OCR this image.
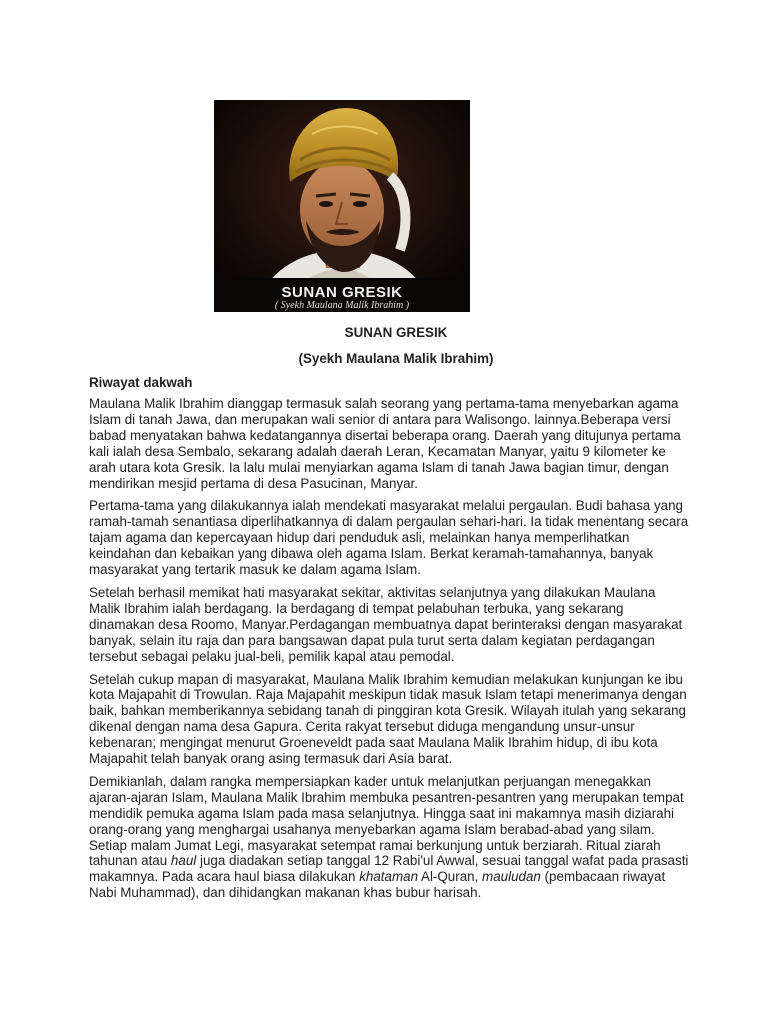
SUNAN GRESIK
( Syekh Maulana Malik Ibrahim )

SUNAN GRESIK

(Syekh Maulana Malik Ibrahim)

Riwayat dakwah

Maulana Malik Ibrahim dianggap termasuk salah seorang yang pertama-tama menyebarkan agama Islam di tanah Jawa, dan merupakan wali senior di antara para Walisongo. lainnya.Beberapa versi babad menyatakan bahwa kedatangannya disertai beberapa orang. Daerah yang ditujunya pertama kali ialah desa Sembalo, sekarang adalah daerah Leran, Kecamatan Manyar, yaitu 9 kilometer ke arah utara kota Gresik. Ia lalu mulai menyiarkan agama Islam di tanah Jawa bagian timur, dengan mendirikan mesjid pertama di desa Pasucinan, Manyar.

Pertama-tama yang dilakukannya ialah mendekati masyarakat melalui pergaulan. Budi bahasa yang ramah-tamah senantiasa diperlihatkannya di dalam pergaulan sehari-hari. Ia tidak menentang secara tajam agama dan kepercayaan hidup dari penduduk asli, melainkan hanya memperlihatkan keindahan dan kebaikan yang dibawa oleh agama Islam. Berkat keramah-tamahannya, banyak masyarakat yang tertarik masuk ke dalam agama Islam.

Setelah berhasil memikat hati masyarakat sekitar, aktivitas selanjutnya yang dilakukan Maulana Malik Ibrahim ialah berdagang. Ia berdagang di tempat pelabuhan terbuka, yang sekarang dinamakan desa Roomo, Manyar.Perdagangan membuatnya dapat berinteraksi dengan masyarakat banyak, selain itu raja dan para bangsawan dapat pula turut serta dalam kegiatan perdagangan tersebut sebagai pelaku jual-beli, pemilik kapal atau pemodal.

Setelah cukup mapan di masyarakat, Maulana Malik Ibrahim kemudian melakukan kunjungan ke ibu kota Majapahit di Trowulan. Raja Majapahit meskipun tidak masuk Islam tetapi menerimanya dengan baik, bahkan memberikannya sebidang tanah di pinggiran kota Gresik. Wilayah itulah yang sekarang dikenal dengan nama desa Gapura. Cerita rakyat tersebut diduga mengandung unsur-unsur kebenaran; mengingat menurut Groeneveldt pada saat Maulana Malik Ibrahim hidup, di ibu kota Majapahit telah banyak orang asing termasuk dari Asia barat.

Demikianlah, dalam rangka mempersiapkan kader untuk melanjutkan perjuangan menegakkan ajaran-ajaran Islam, Maulana Malik Ibrahim membuka pesantren-pesantren yang merupakan tempat mendidik pemuka agama Islam pada masa selanjutnya. Hingga saat ini makamnya masih diziarahi orang-orang yang menghargai usahanya menyebarkan agama Islam berabad-abad yang silam. Setiap malam Jumat Legi, masyarakat setempat ramai berkunjung untuk berziarah. Ritual ziarah tahunan atau haul juga diadakan setiap tanggal 12 Rabi'ul Awwal, sesuai tanggal wafat pada prasasti makamnya. Pada acara haul biasa dilakukan khataman Al-Quran, mauludan (pembacaan riwayat Nabi Muhammad), dan dihidangkan makanan khas bubur harisah.
